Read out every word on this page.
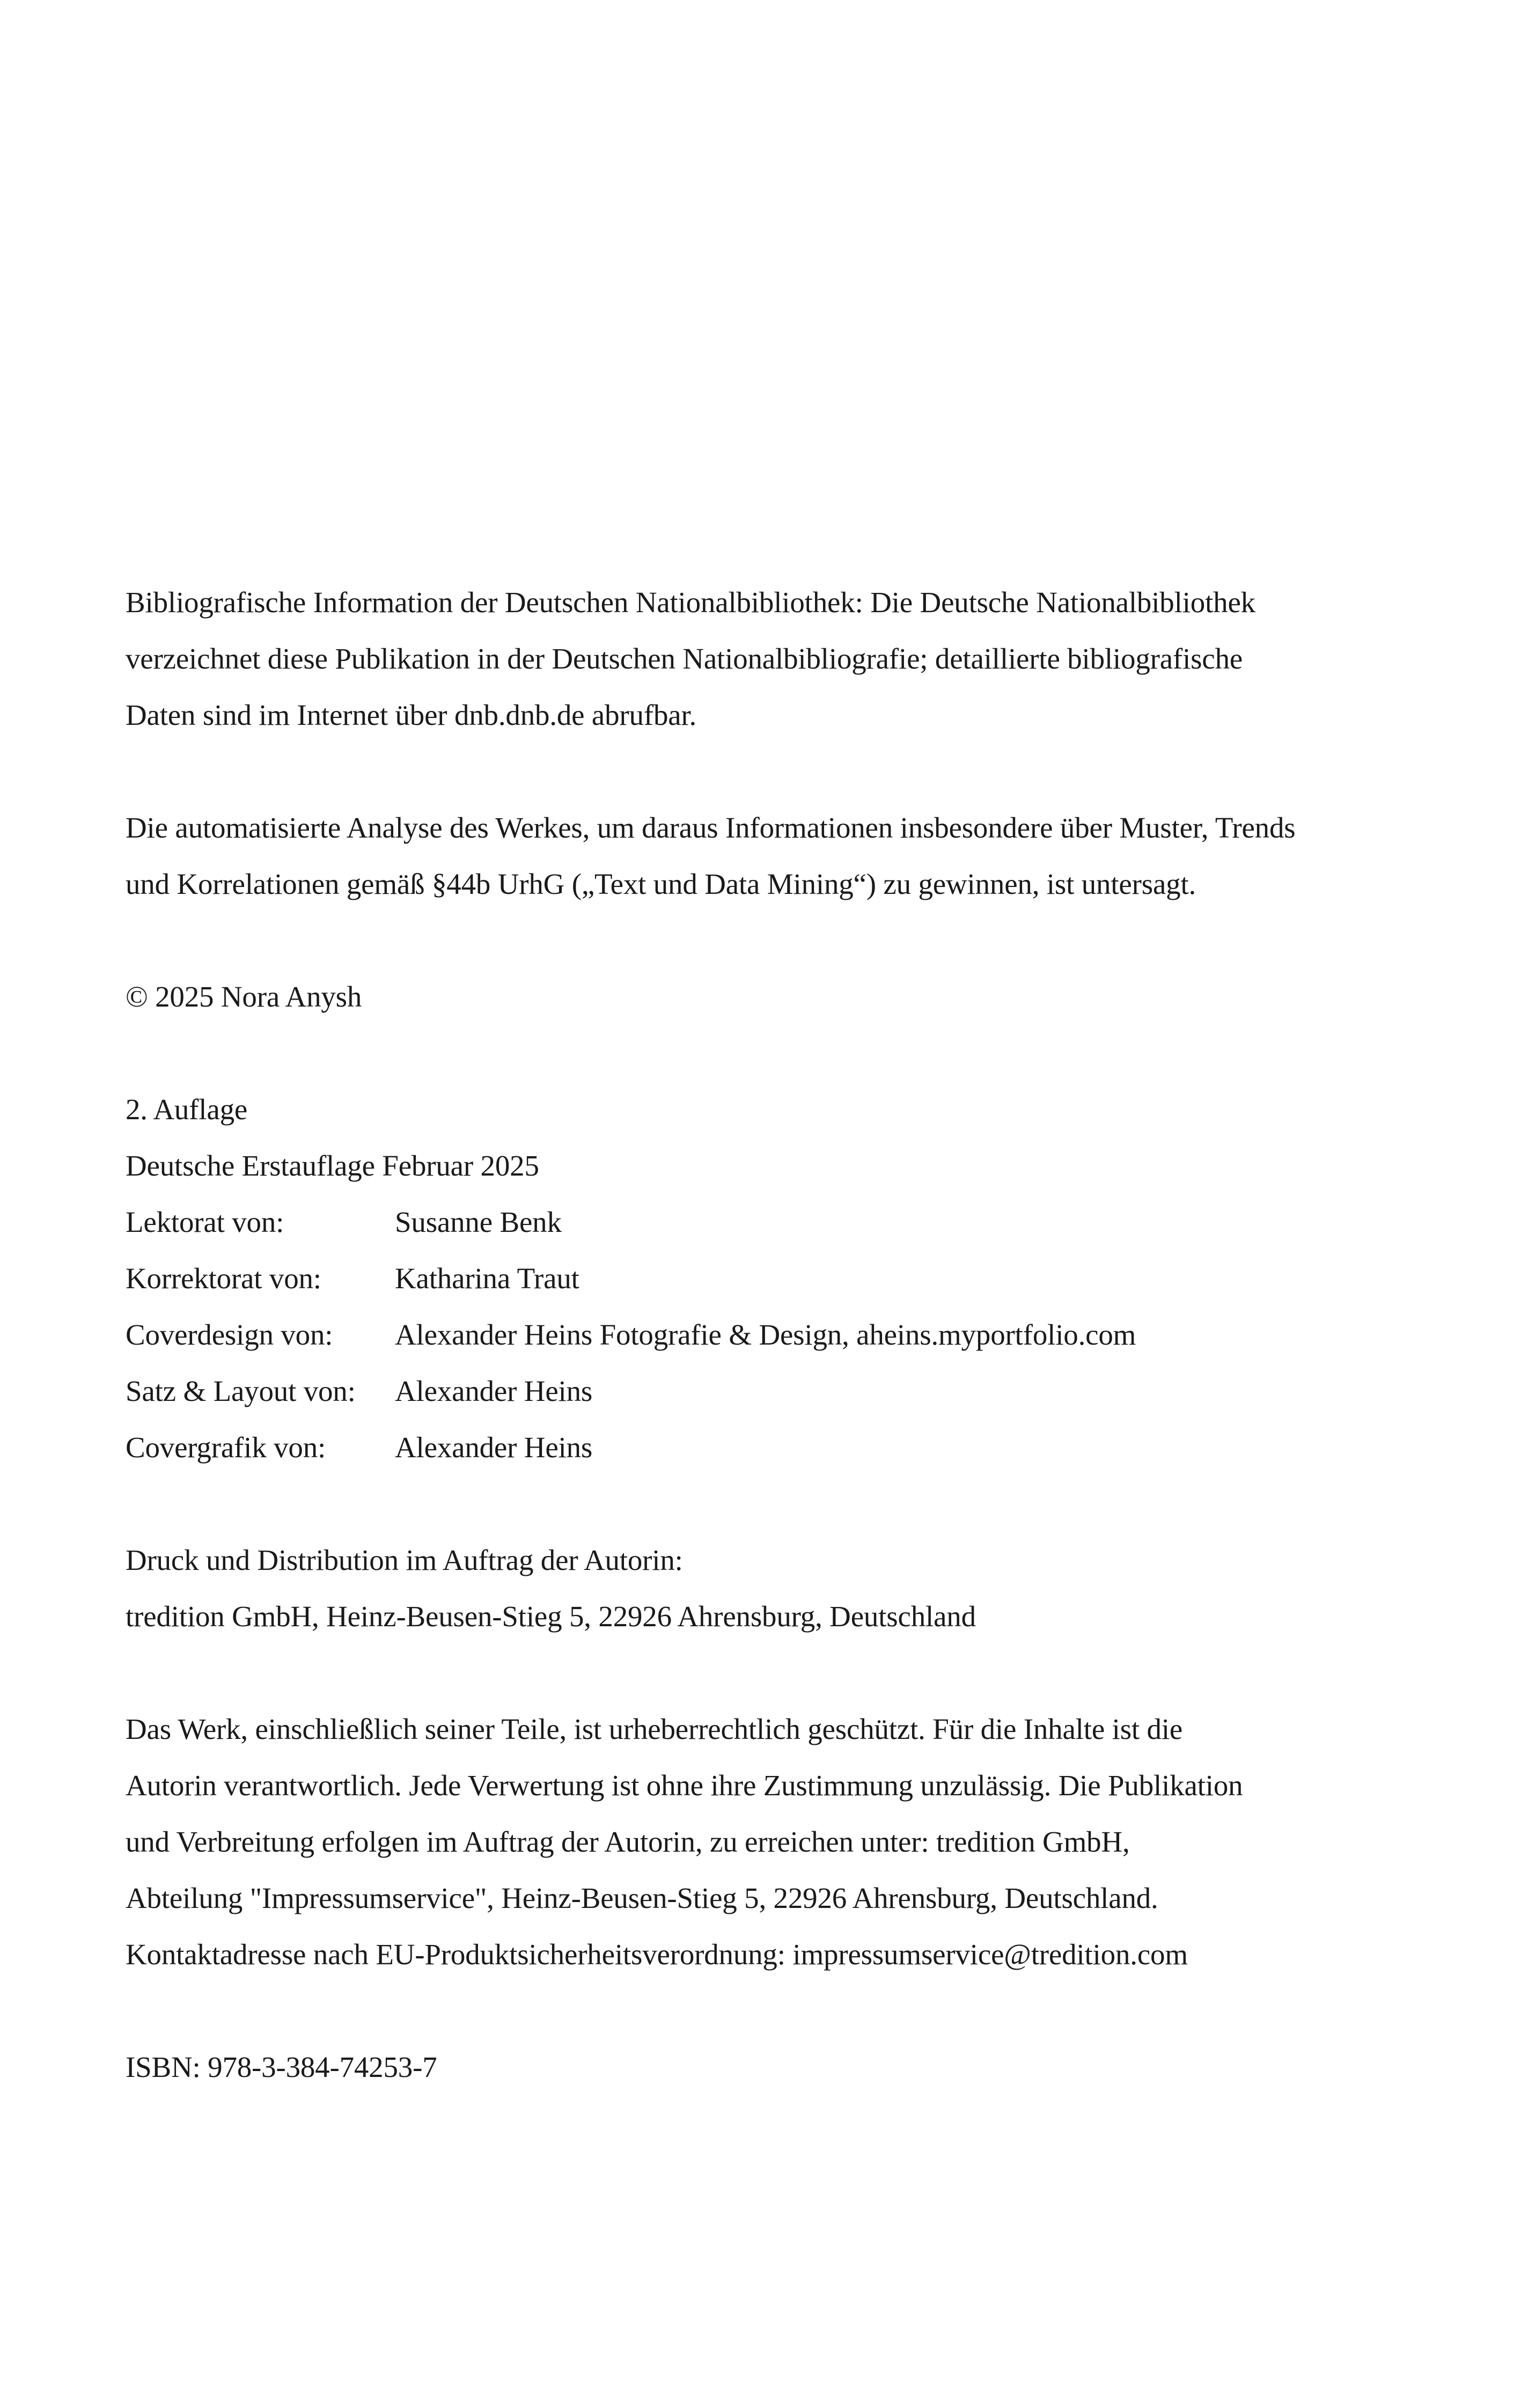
Bibliografische Information der Deutschen Nationalbibliothek: Die Deutsche Nationalbibliothek
verzeichnet diese Publikation in der Deutschen Nationalbibliografie; detaillierte bibliografische
Daten sind im Internet über dnb.dnb.de abrufbar.

Die automatisierte Analyse des Werkes, um daraus Informationen insbesondere über Muster, Trends
und Korrelationen gemäß §44b UrhG („Text und Data Mining“) zu gewinnen, ist untersagt.

© 2025 Nora Anysh

2. Auflage
Deutsche Erstauflage Februar 2025

Lektorat von:	Susanne Benk
Korrektorat von:	Katharina Traut
Coverdesign von:	Alexander Heins Fotografie & Design, aheins.myportfolio.com
Satz & Layout von:	Alexander Heins
Covergrafik von:	Alexander Heins

Druck und Distribution im Auftrag der Autorin:
tredition GmbH, Heinz-Beusen-Stieg 5, 22926 Ahrensburg, Deutschland

Das Werk, einschließlich seiner Teile, ist urheberrechtlich geschützt. Für die Inhalte ist die
Autorin verantwortlich. Jede Verwertung ist ohne ihre Zustimmung unzulässig. Die Publikation
und Verbreitung erfolgen im Auftrag der Autorin, zu erreichen unter: tredition GmbH,
Abteilung "Impressumservice", Heinz-Beusen-Stieg 5, 22926 Ahrensburg, Deutschland.
Kontaktadresse nach EU-Produktsicherheitsverordnung: impressumservice@tredition.com

ISBN: 978-3-384-74253-7
